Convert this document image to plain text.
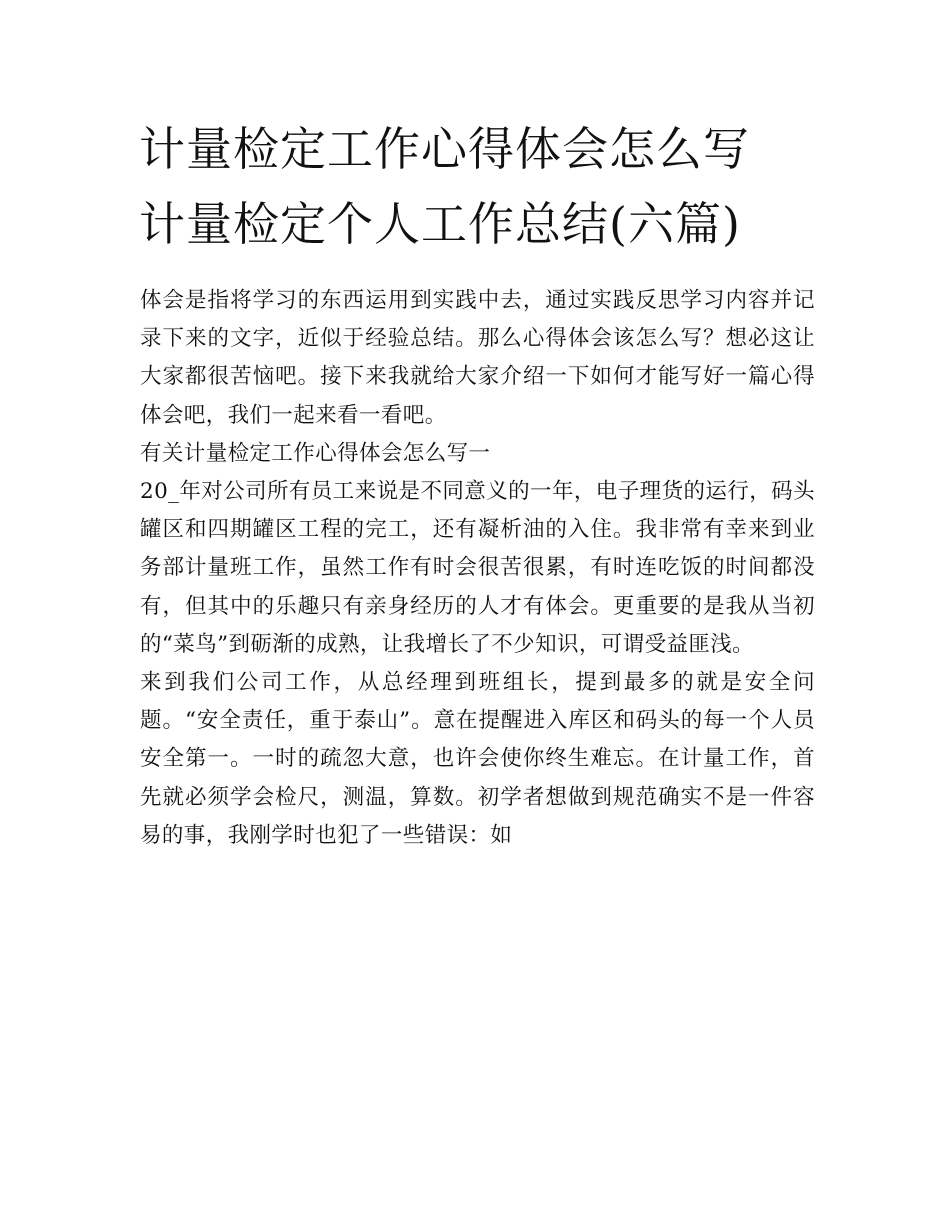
计量检定工作心得体会怎么写
计量检定个人工作总结(六篇)

体会是指将学习的东西运用到实践中去，通过实践反思学习内容并记录下来的文字，近似于经验总结。那么心得体会该怎么写？想必这让大家都很苦恼吧。接下来我就给大家介绍一下如何才能写好一篇心得体会吧，我们一起来看一看吧。

有关计量检定工作心得体会怎么写一

20_年对公司所有员工来说是不同意义的一年，电子理货的运行，码头罐区和四期罐区工程的完工，还有凝析油的入住。我非常有幸来到业务部计量班工作，虽然工作有时会很苦很累，有时连吃饭的时间都没有，但其中的乐趣只有亲身经历的人才有体会。更重要的是我从当初的“菜鸟”到砺渐的成熟，让我增长了不少知识，可谓受益匪浅。

来到我们公司工作，从总经理到班组长，提到最多的就是安全问题。“安全责任，重于泰山”。意在提醒进入库区和码头的每一个人员安全第一。一时的疏忽大意，也许会使你终生难忘。在计量工作，首先就必须学会检尺，测温，算数。初学者想做到规范确实不是一件容易的事，我刚学时也犯了一些错误：如
